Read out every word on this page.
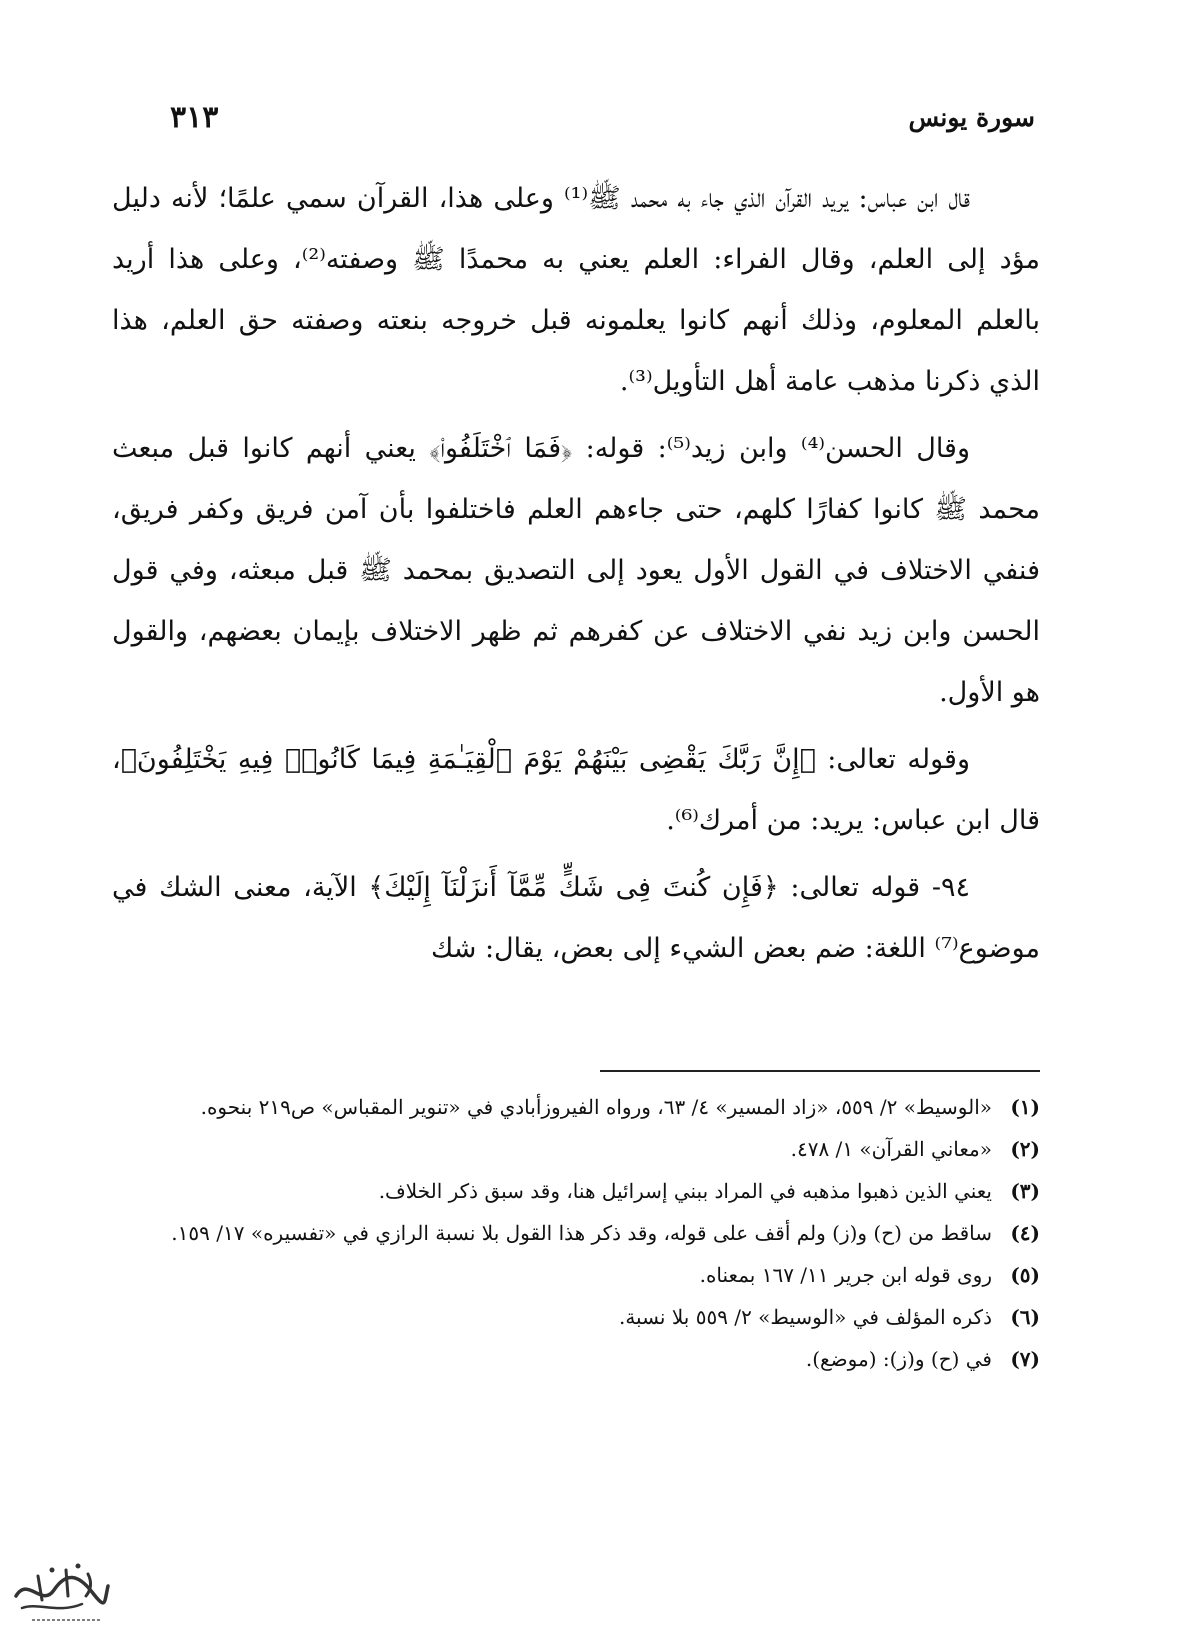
سورة يونس
٣١٣

قال ابن عباس: يريد القرآن الذي جاء به محمد ﷺ⁽¹⁾ وعلى هذا، القرآن سمي علمًا؛ لأنه دليل مؤد إلى العلم، وقال الفراء: العلم يعني به محمدًا ﷺ وصفته⁽²⁾، وعلى هذا أريد بالعلم المعلوم، وذلك أنهم كانوا يعلمونه قبل خروجه بنعته وصفته حق العلم، هذا الذي ذكرنا مذهب عامة أهل التأويل⁽³⁾.

وقال الحسن⁽⁴⁾ وابن زيد⁽⁵⁾: قوله: ﴿فَمَا ٱخْتَلَفُوا۟﴾ يعني أنهم كانوا قبل مبعث محمد ﷺ كانوا كفارًا كلهم، حتى جاءهم العلم فاختلفوا بأن آمن فريق وكفر فريق، فنفي الاختلاف في القول الأول يعود إلى التصديق بمحمد ﷺ قبل مبعثه، وفي قول الحسن وابن زيد نفي الاختلاف عن كفرهم ثم ظهر الاختلاف بإيمان بعضهم، والقول هو الأول.

وقوله تعالى: ﴿إِنَّ رَبَّكَ يَقْضِى بَيْنَهُمْ يَوْمَ ٱلْقِيَـٰمَةِ فِيمَا كَانُوا۟ فِيهِ يَخْتَلِفُونَ﴾، قال ابن عباس: يريد: من أمرك⁽⁶⁾.

٩٤- قوله تعالى: ﴿فَإِن كُنتَ فِى شَكٍّ مِّمَّآ أَنزَلْنَآ إِلَيْكَ﴾ الآية، معنى الشك في موضوع⁽⁷⁾ اللغة: ضم بعض الشيء إلى بعض، يقال: شك

(١)
«الوسيط» ٢/ ٥٥٩، «زاد المسير» ٤/ ٦٣، ورواه الفيروزأبادي في «تنوير المقباس» ص٢١٩ بنحوه.
(٢)
«معاني القرآن» ١/ ٤٧٨.
(٣)
يعني الذين ذهبوا مذهبه في المراد ببني إسرائيل هنا، وقد سبق ذكر الخلاف.
(٤)
ساقط من (ح) و(ز) ولم أقف على قوله، وقد ذكر هذا القول بلا نسبة الرازي في «تفسيره» ١٧/ ١٥٩.
(٥)
روى قوله ابن جرير ١١/ ١٦٧ بمعناه.
(٦)
ذكره المؤلف في «الوسيط» ٢/ ٥٥٩ بلا نسبة.
(٧)
في (ح) و(ز): (موضع).
